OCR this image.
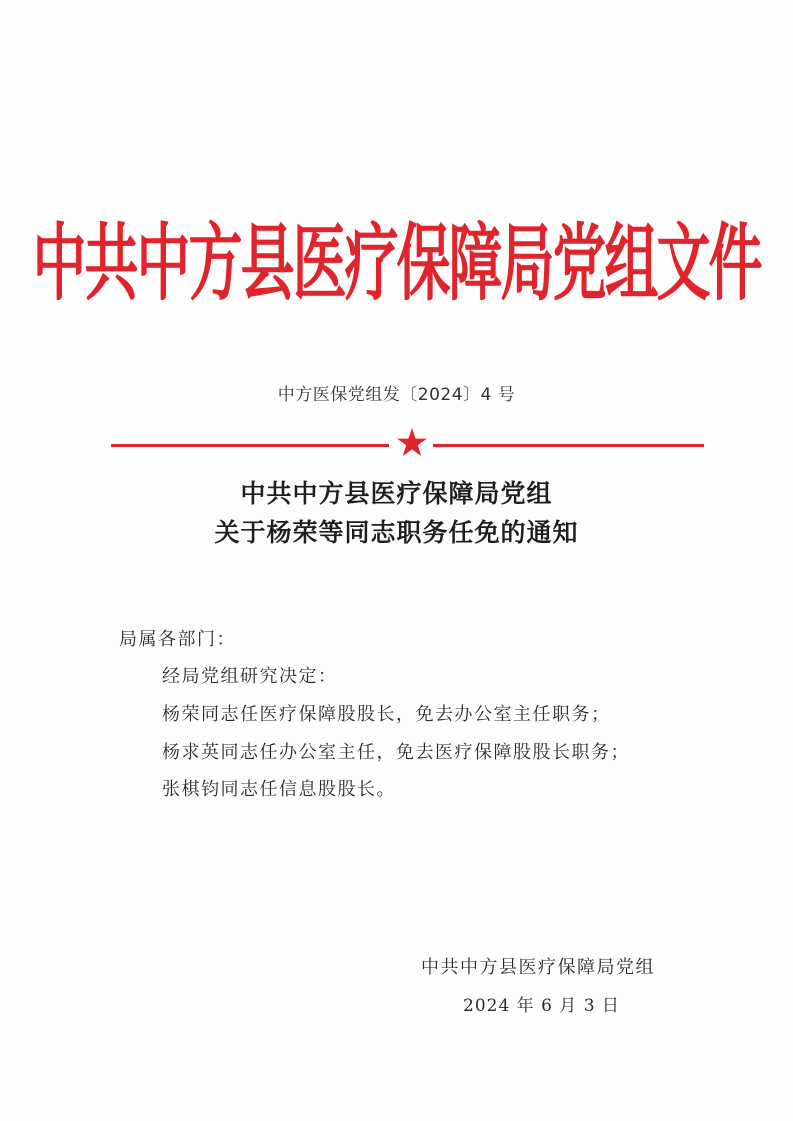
中共中方县医疗保障局党组文件
中方医保党组发〔2024〕4 号
中共中方县医疗保障局党组
关于杨荣等同志职务任免的通知
局属各部门：
经局党组研究决定：
杨荣同志任医疗保障股股长，免去办公室主任职务；
杨求英同志任办公室主任，免去医疗保障股股长职务；
张棋钧同志任信息股股长。
中共中方县医疗保障局党组
2024 年 6 月 3 日
